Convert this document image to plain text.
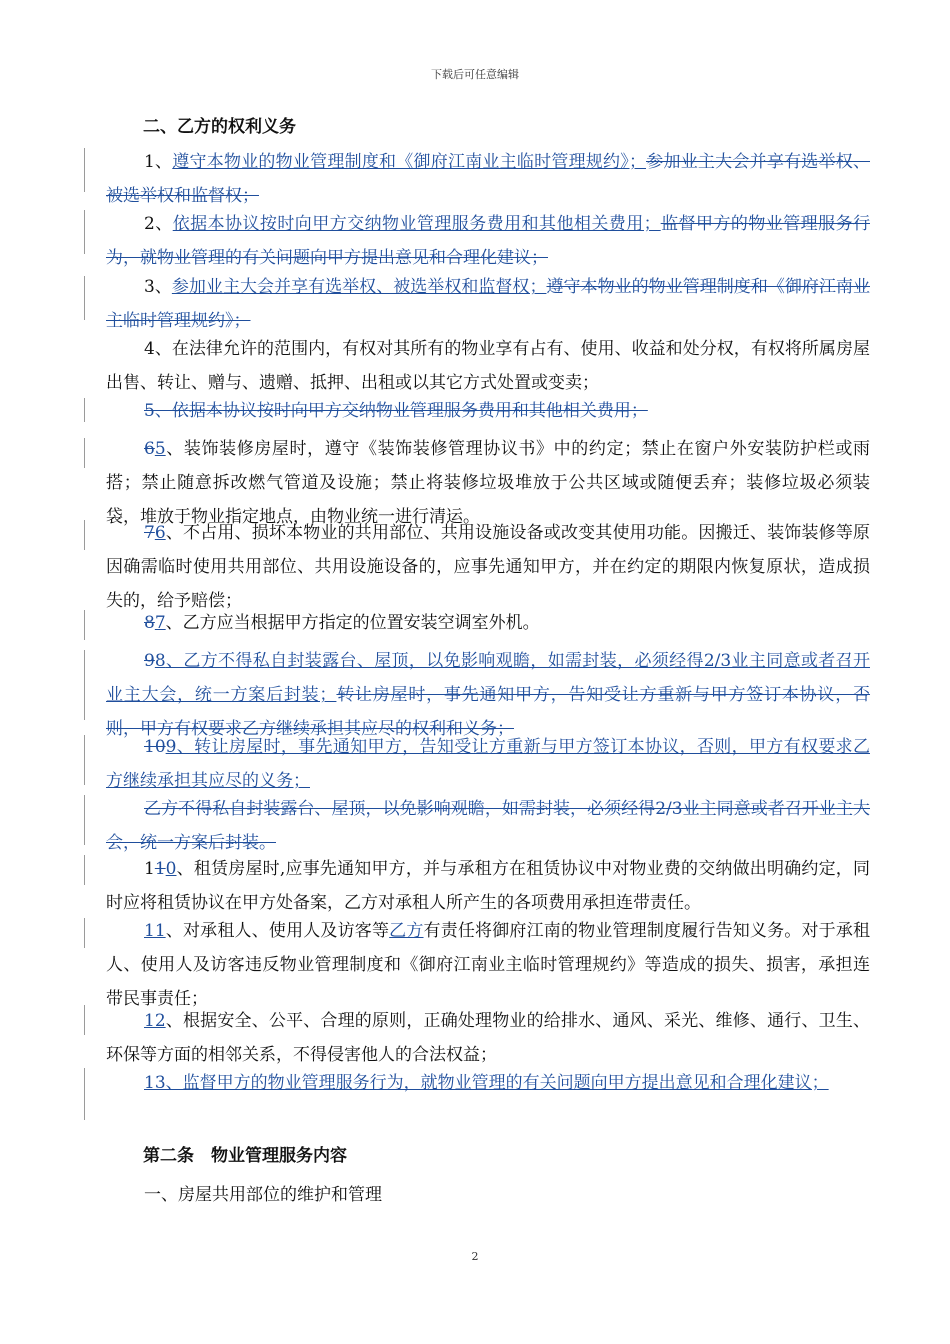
下载后可任意编辑
二、乙方的权利义务
1、遵守本物业的物业管理制度和《御府江南业主临时管理规约》；参加业主大会并享有选举权、被选举权和监督权；
2、依据本协议按时向甲方交纳物业管理服务费用和其他相关费用；监督甲方的物业管理服务行为，就物业管理的有关问题向甲方提出意见和合理化建议；
3、参加业主大会并享有选举权、被选举权和监督权；遵守本物业的物业管理制度和《御府江南业主临时管理规约》；
4、在法律允许的范围内，有权对其所有的物业享有占有、使用、收益和处分权，有权将所属房屋出售、转让、赠与、遗赠、抵押、出租或以其它方式处置或变卖；
5、依据本协议按时向甲方交纳物业管理服务费用和其他相关费用；
65、装饰装修房屋时，遵守《装饰装修管理协议书》中的约定；禁止在窗户外安装防护栏或雨搭；禁止随意拆改燃气管道及设施；禁止将装修垃圾堆放于公共区域或随便丢弃；装修垃圾必须装袋，堆放于物业指定地点，由物业统一进行清运。
76、不占用、损坏本物业的共用部位、共用设施设备或改变其使用功能。因搬迁、装饰装修等原因确需临时使用共用部位、共用设施设备的，应事先通知甲方，并在约定的期限内恢复原状，造成损失的，给予赔偿；
87、乙方应当根据甲方指定的位置安装空调室外机。
98、乙方不得私自封装露台、屋顶，以免影响观瞻，如需封装，必须经得2/3业主同意或者召开业主大会，统一方案后封装；转让房屋时，事先通知甲方，告知受让方重新与甲方签订本协议，否则，甲方有权要求乙方继续承担其应尽的权利和义务；
109、转让房屋时，事先通知甲方，告知受让方重新与甲方签订本协议，否则，甲方有权要求乙方继续承担其应尽的义务；
乙方不得私自封装露台、屋顶，以免影响观瞻，如需封装，必须经得2/3业主同意或者召开业主大会，统一方案后封装。
110、租赁房屋时,应事先通知甲方，并与承租方在租赁协议中对物业费的交纳做出明确约定，同时应将租赁协议在甲方处备案，乙方对承租人所产生的各项费用承担连带责任。
11、对承租人、使用人及访客等乙方有责任将御府江南的物业管理制度履行告知义务。对于承租人、使用人及访客违反物业管理制度和《御府江南业主临时管理规约》等造成的损失、损害，承担连带民事责任；
12、根据安全、公平、合理的原则，正确处理物业的给排水、通风、采光、维修、通行、卫生、环保等方面的相邻关系，不得侵害他人的合法权益；
13、监督甲方的物业管理服务行为，就物业管理的有关问题向甲方提出意见和合理化建议；
第二条　物业管理服务内容
一、房屋共用部位的维护和管理
2
